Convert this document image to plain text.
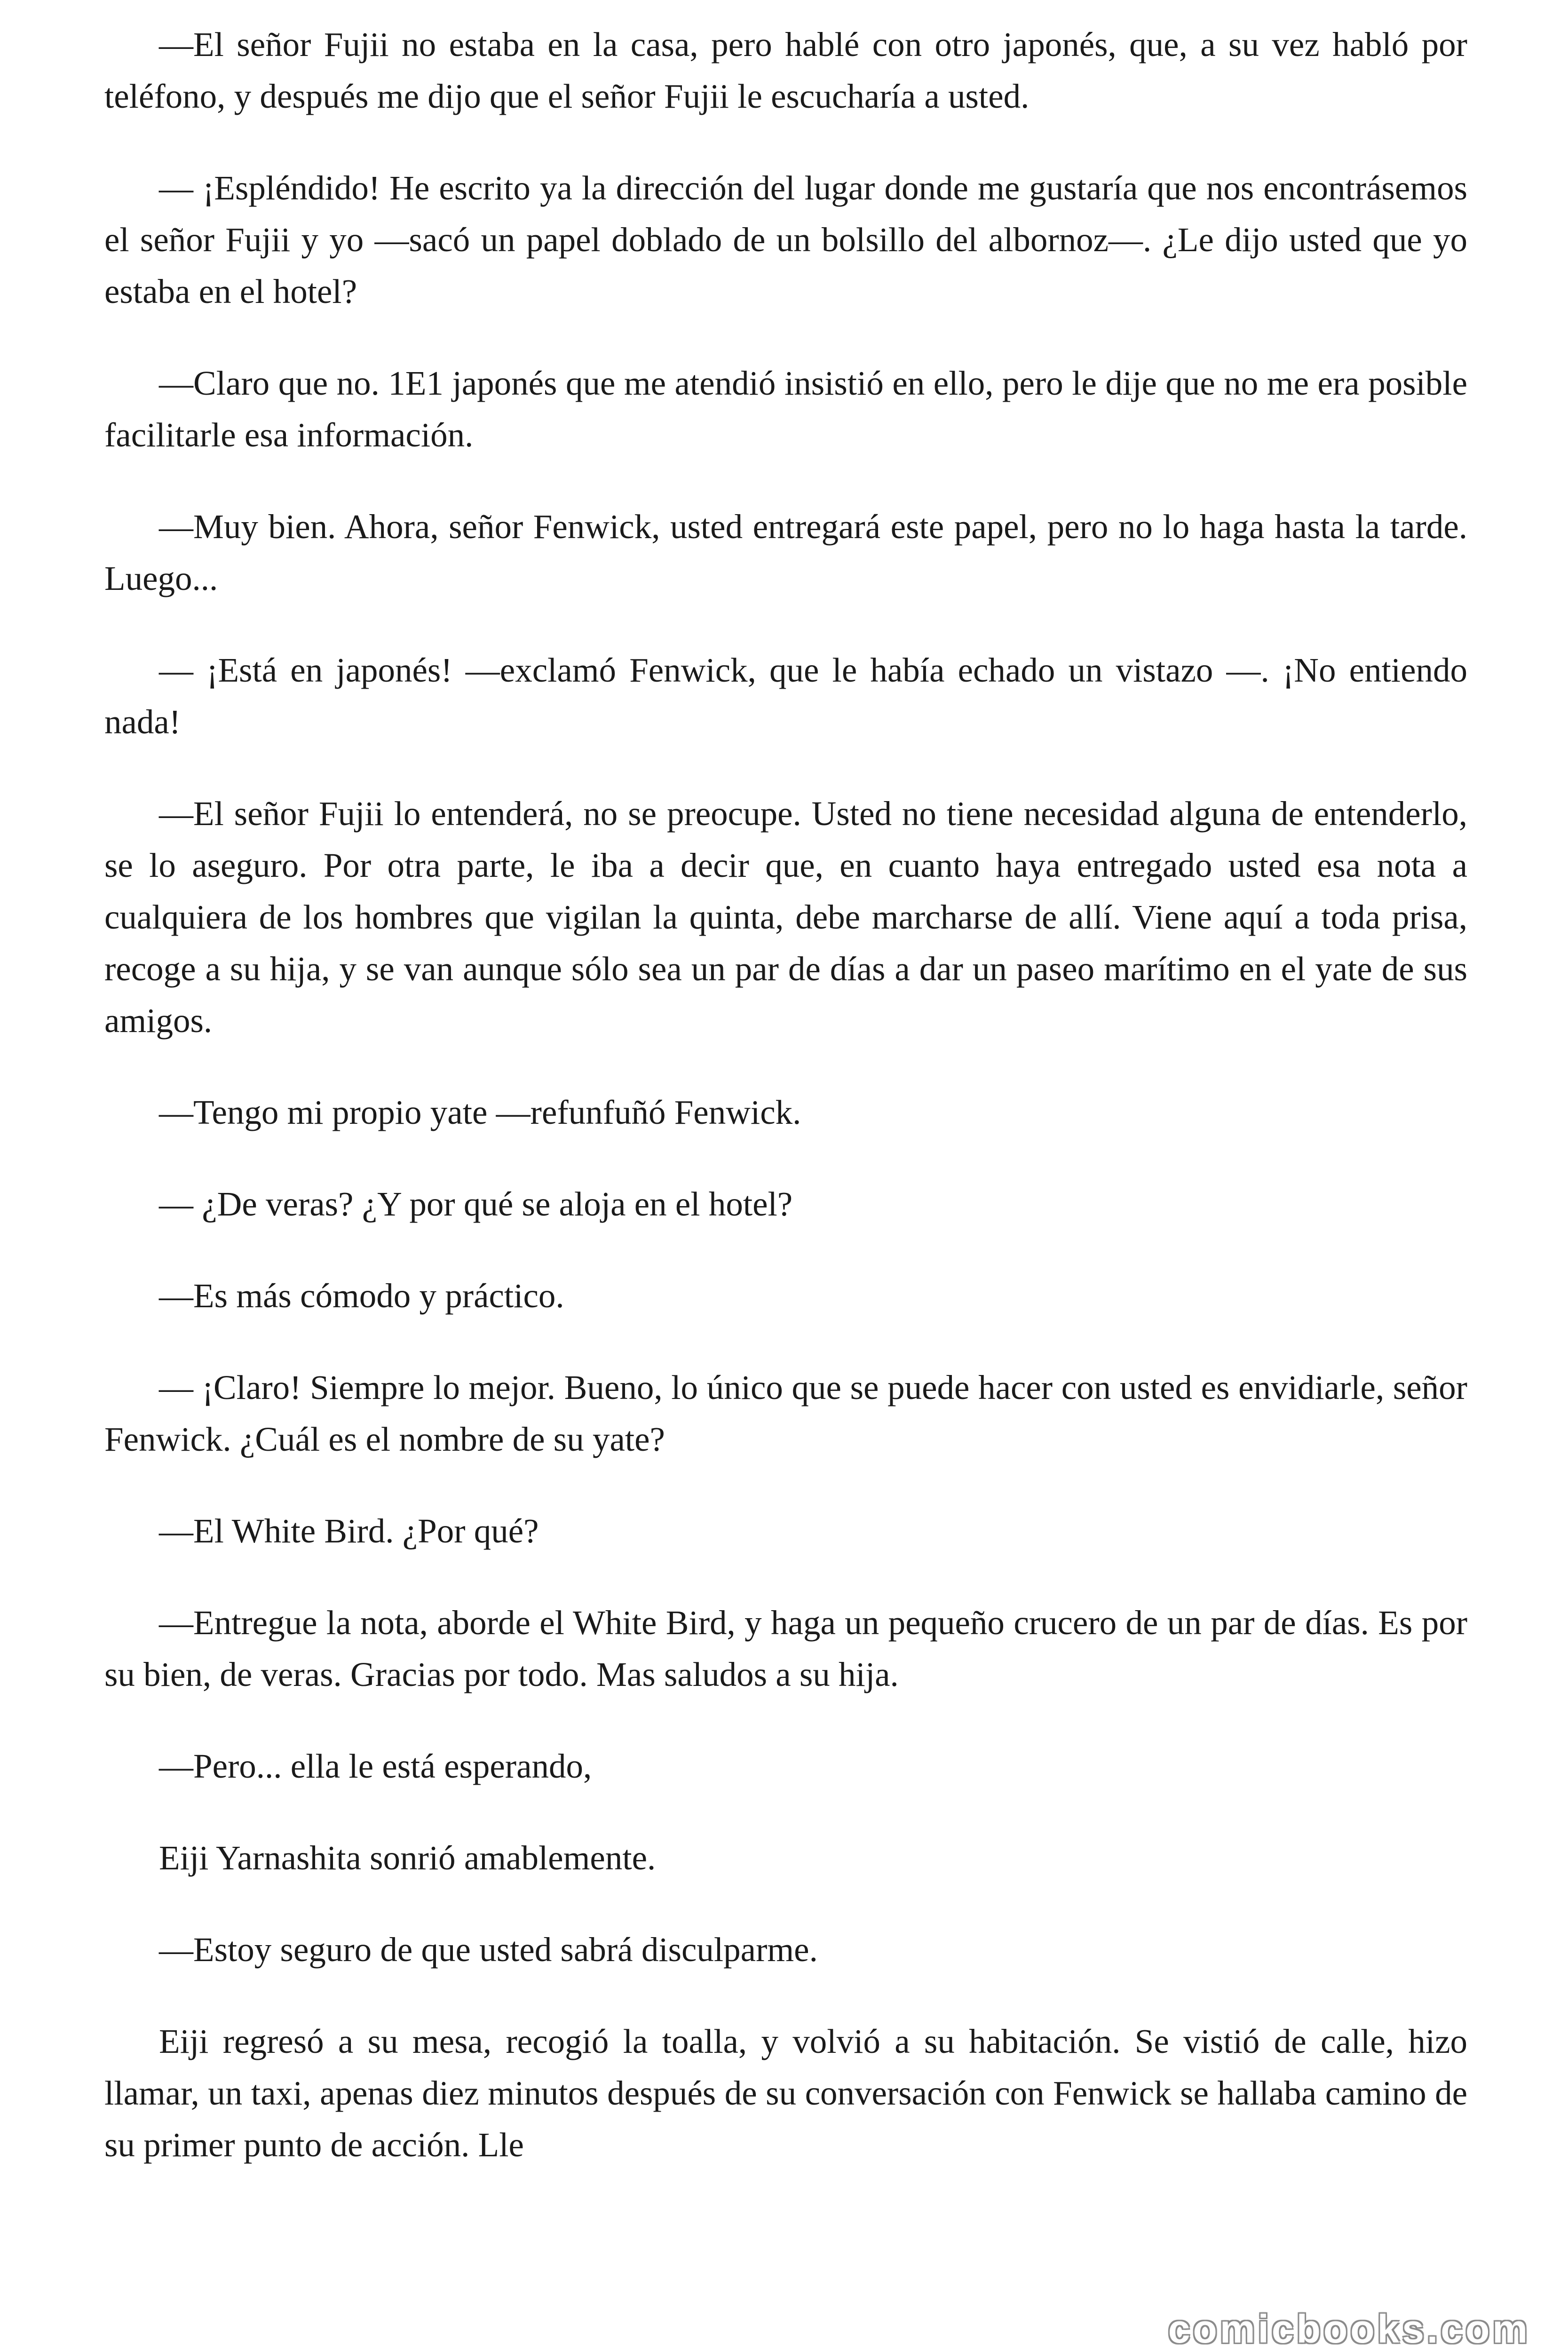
—El señor Fujii no estaba en la casa, pero hablé con otro japonés, que, a su vez habló por teléfono, y después me dijo que el señor Fujii le escucharía a usted.

— ¡Espléndido! He escrito ya la dirección del lugar donde me gustaría que nos encontrásemos el señor Fujii y yo —sacó un papel doblado de un bolsillo del albornoz—. ¿Le dijo usted que yo estaba en el hotel?

—Claro que no. 1E1 japonés que me atendió insistió en ello, pero le dije que no me era posible facilitarle esa información.

—Muy bien. Ahora, señor Fenwick, usted entregará este papel, pero no lo haga hasta la tarde. Luego...

— ¡Está en japonés! —exclamó Fenwick, que le había echado un vistazo —. ¡No entiendo nada!

—El señor Fujii lo entenderá, no se preocupe. Usted no tiene necesidad alguna de entenderlo, se lo aseguro. Por otra parte, le iba a decir que, en cuanto haya entregado usted esa nota a cualquiera de los hombres que vigilan la quinta, debe marcharse de allí. Viene aquí a toda prisa, recoge a su hija, y se van aunque sólo sea un par de días a dar un paseo marítimo en el yate de sus amigos.

—Tengo mi propio yate —refunfuñó Fenwick.

— ¿De veras? ¿Y por qué se aloja en el hotel?

—Es más cómodo y práctico.

— ¡Claro! Siempre lo mejor. Bueno, lo único que se puede hacer con usted es envidiarle, señor Fenwick. ¿Cuál es el nombre de su yate?

—El White Bird. ¿Por qué?

—Entregue la nota, aborde el White Bird, y haga un pequeño crucero de un par de días. Es por su bien, de veras. Gracias por todo. Mas saludos a su hija.

—Pero... ella le está esperando,

Eiji Yarnashita sonrió amablemente.

—Estoy seguro de que usted sabrá disculparme.

Eiji regresó a su mesa, recogió la toalla, y volvió a su habitación. Se vistió de calle, hizo llamar, un taxi, apenas diez minutos después de su conversación con Fenwick se hallaba camino de su primer punto de acción. Lle

comicbooks.com
